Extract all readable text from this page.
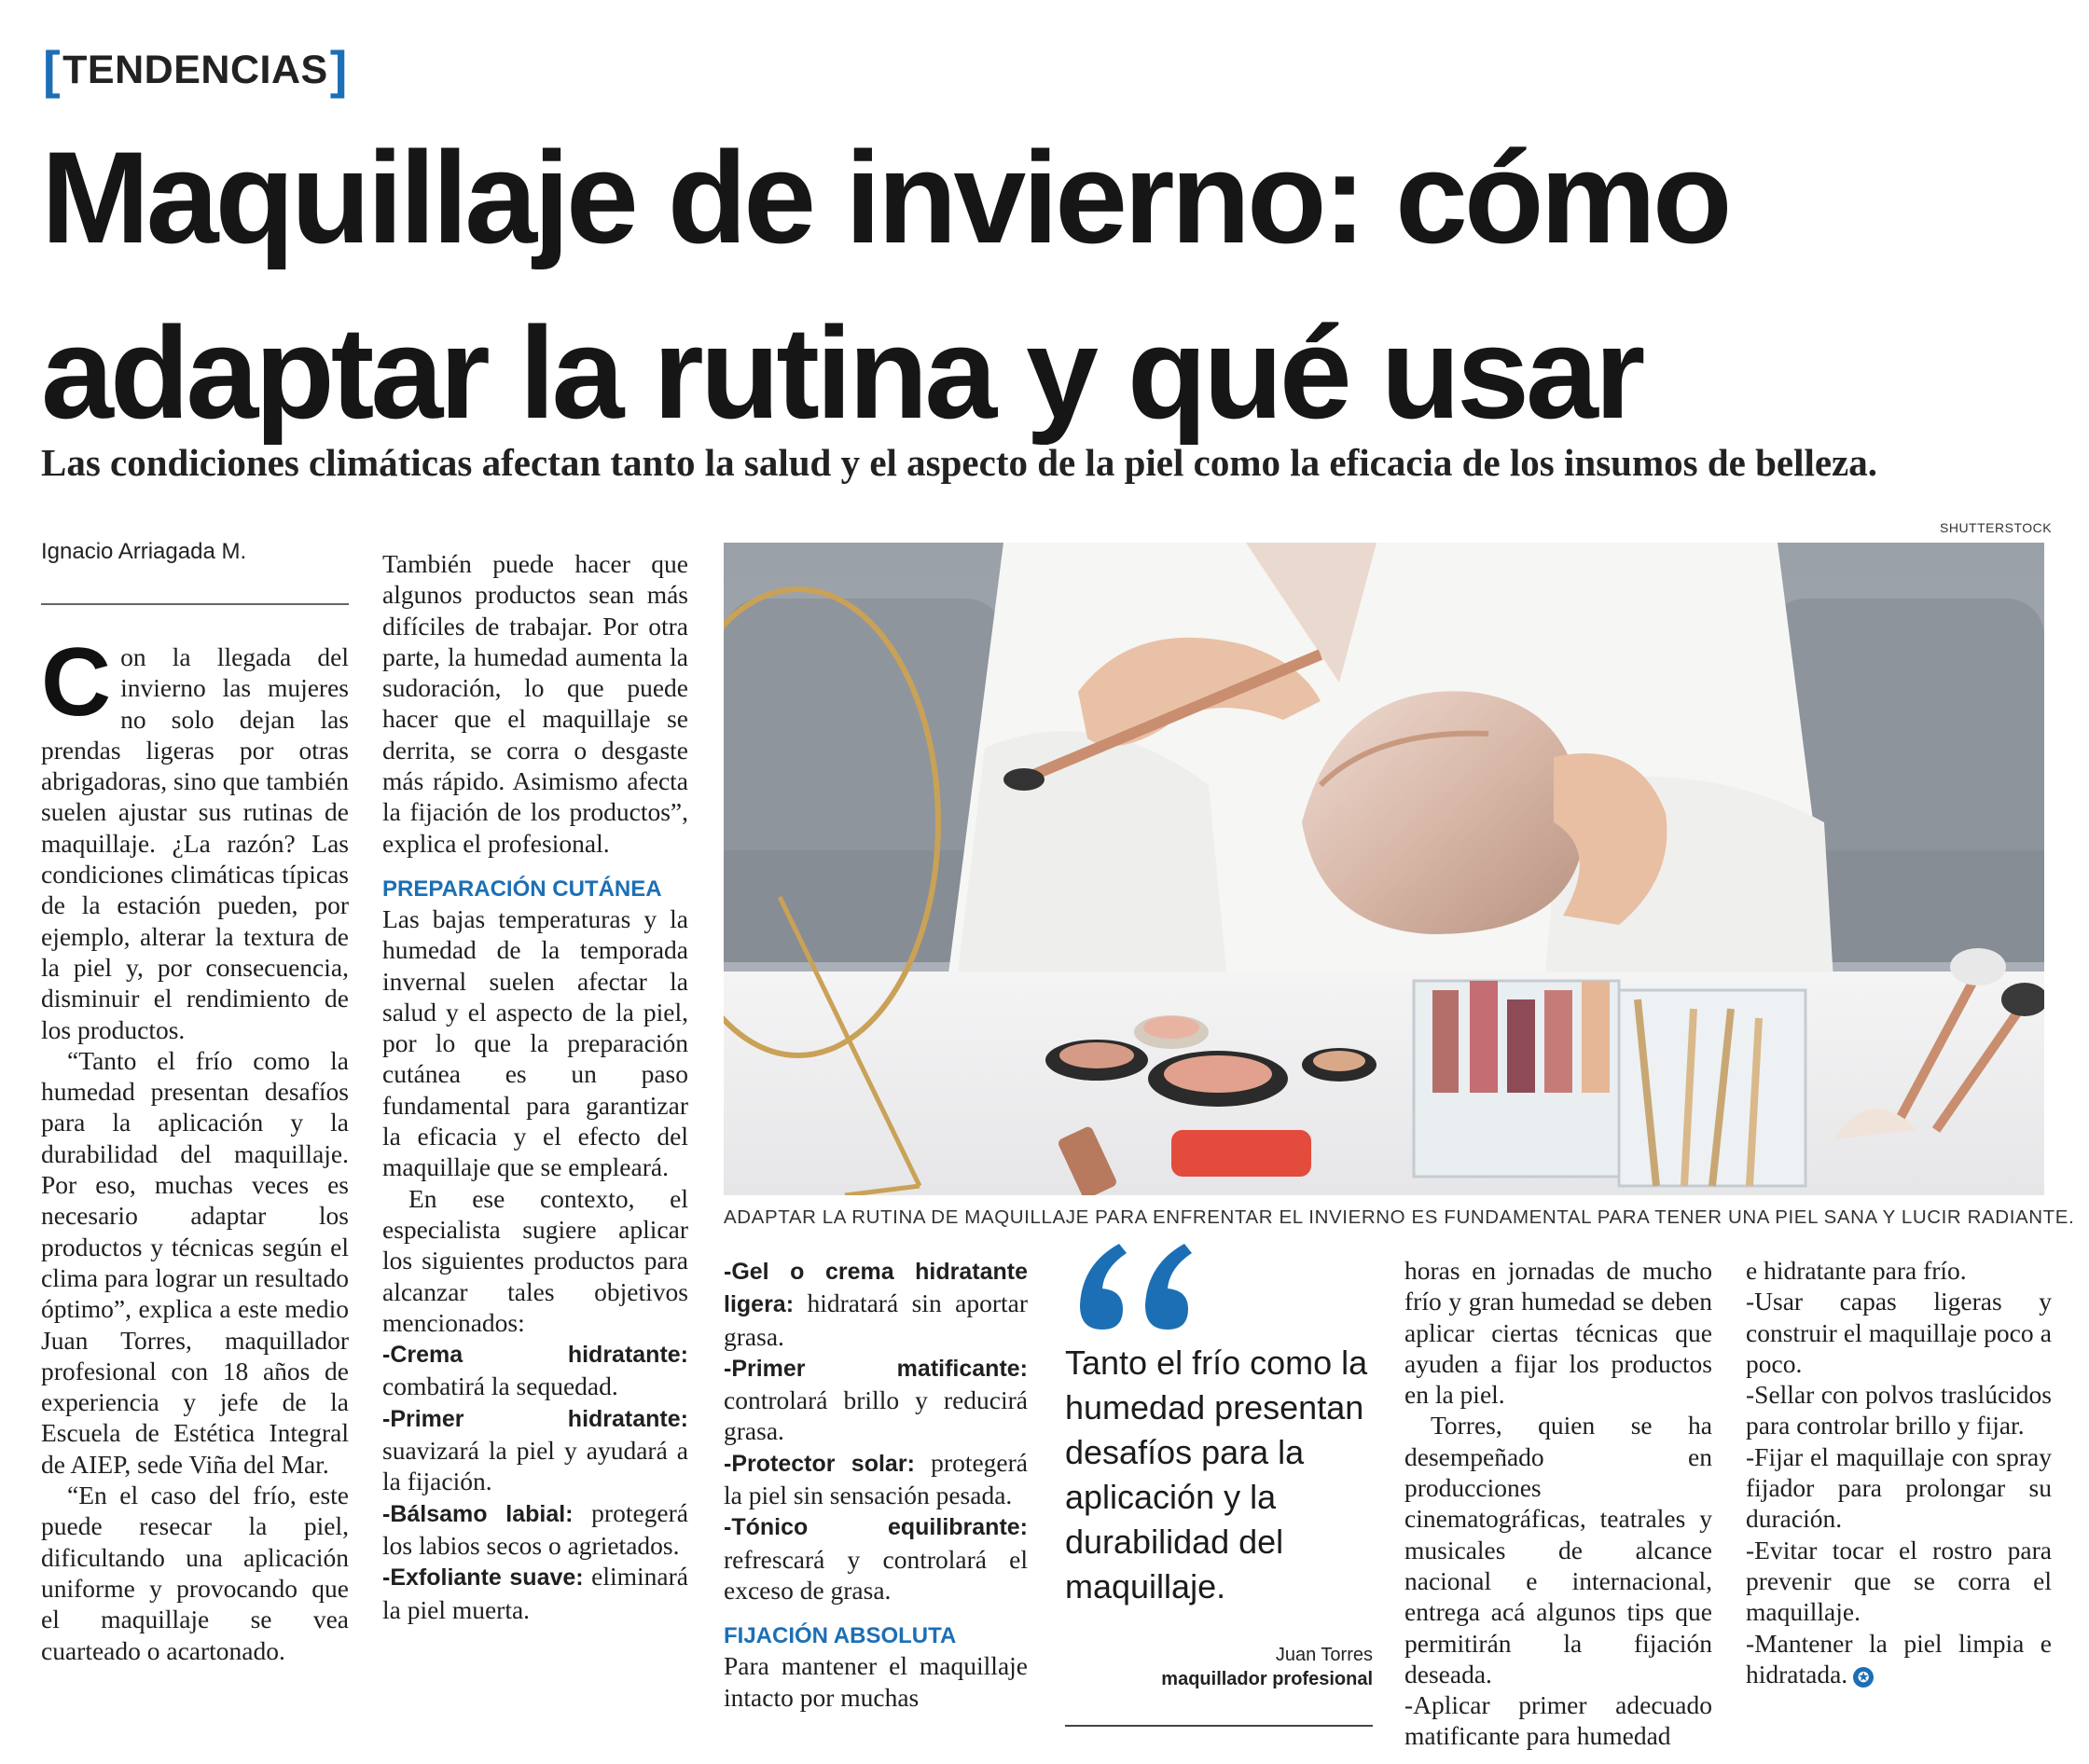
[ TENDENCIAS ]
Maquillaje de invierno: cómo adaptar la rutina y qué usar
Las condiciones climáticas afectan tanto la salud y el aspecto de la piel como la eficacia de los insumos de belleza.
Ignacio Arriagada M.
SHUTTERSTOCK

Con la llegada del invierno las mujeres no solo dejan las prendas ligeras por otras abrigadoras, sino que también suelen ajustar sus rutinas de maquillaje. ¿La razón? Las condiciones climáticas típicas de la estación pueden, por ejemplo, alterar la textura de la piel y, por consecuencia, disminuir el rendimiento de los productos.

“Tanto el frío como la humedad presentan desafíos para la aplicación y la durabilidad del maquillaje. Por eso, muchas veces es necesario adaptar los productos y técnicas según el clima para lograr un resultado óptimo”, explica a este medio Juan Torres, maquillador profesional con 18 años de experiencia y jefe de la Escuela de Estética Integral de AIEP, sede Viña del Mar.

“En el caso del frío, este puede resecar la piel, dificultando una aplicación uniforme y provocando que el maquillaje se vea cuarteado o acartonado.

También puede hacer que algunos productos sean más difíciles de trabajar. Por otra parte, la humedad aumenta la sudoración, lo que puede hacer que el maquillaje se derrita, se corra o desgaste más rápido. Asimismo afecta la fijación de los productos”, explica el profesional.

PREPARACIÓN CUTÁNEA

Las bajas temperaturas y la humedad de la temporada invernal suelen afectar la salud y el aspecto de la piel, por lo que la preparación cutánea es un paso fundamental para garantizar la eficacia y el efecto del maquillaje que se empleará.

En ese contexto, el especialista sugiere aplicar los siguientes productos para alcanzar tales objetivos mencionados:

-Crema hidratante: combatirá la sequedad.

-Primer hidratante: suavizará la piel y ayudará a la fijación.

-Bálsamo labial: protegerá los labios secos o agrietados.

-Exfoliante suave: eliminará la piel muerta.

ADAPTAR LA RUTINA DE MAQUILLAJE PARA ENFRENTAR EL INVIERNO ES FUNDAMENTAL PARA TENER UNA PIEL SANA Y LUCIR RADIANTE.

-Gel o crema hidratante ligera: hidratará sin aportar grasa.

-Primer matificante: controlará brillo y reducirá grasa.

-Protector solar: protegerá la piel sin sensación pesada.

-Tónico equilibrante: refrescará y controlará el exceso de grasa.

FIJACIÓN ABSOLUTA

Para mantener el maquillaje intacto por muchas

Tanto el frío como la humedad presentan desafíos para la aplicación y la durabilidad del maquillaje.
Juan Torres
maquillador profesional

horas en jornadas de mucho frío y gran humedad se deben aplicar ciertas técnicas que ayuden a fijar los productos en la piel.

Torres, quien se ha desempeñado en producciones cinematográficas, teatrales y musicales de alcance nacional e internacional, entrega acá algunos tips que permitirán la fijación deseada.

-Aplicar primer adecuado matificante para humedad

e hidratante para frío.

-Usar capas ligeras y construir el maquillaje poco a poco.

-Sellar con polvos traslúcidos para controlar brillo y fijar.

-Fijar el maquillaje con spray fijador para prolongar su duración.

-Evitar tocar el rostro para prevenir que se corra el maquillaje.

-Mantener la piel limpia e hidratada. ✪
